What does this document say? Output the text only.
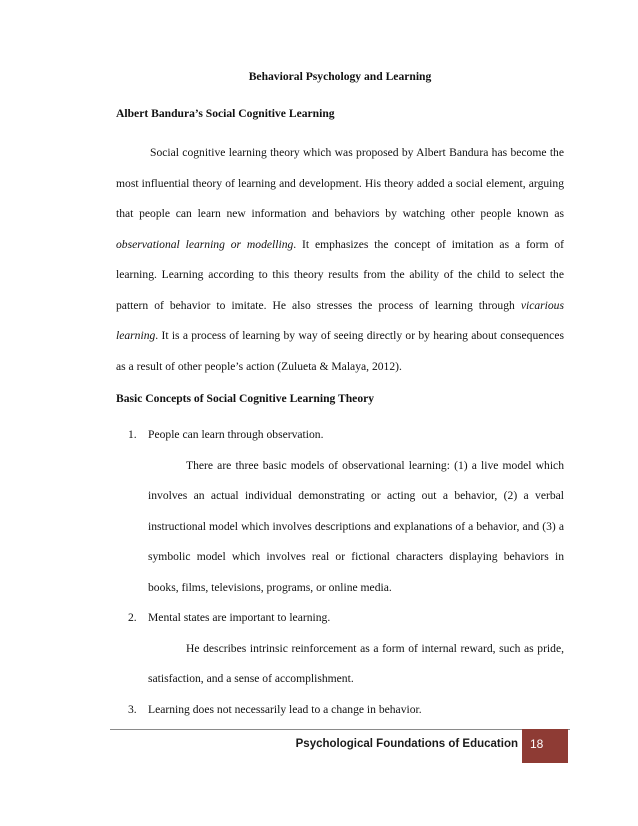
Behavioral Psychology and Learning

Albert Bandura’s Social Cognitive Learning

Social cognitive learning theory which was proposed by Albert Bandura has become the most influential theory of learning and development. His theory added a social element, arguing that people can learn new information and behaviors by watching other people known as observational learning or modelling. It emphasizes the concept of imitation as a form of learning. Learning according to this theory results from the ability of the child to select the pattern of behavior to imitate. He also stresses the process of learning through vicarious learning. It is a process of learning by way of seeing directly or by hearing about consequences as a result of other people’s action (Zulueta & Malaya, 2012).

Basic Concepts of Social Cognitive Learning Theory

1. People can learn through observation.

There are three basic models of observational learning: (1) a live model which involves an actual individual demonstrating or acting out a behavior, (2) a verbal instructional model which involves descriptions and explanations of a behavior, and (3) a symbolic model which involves real or fictional characters displaying behaviors in books, films, televisions, programs, or online media.

2. Mental states are important to learning.

He describes intrinsic reinforcement as a form of internal reward, such as pride, satisfaction, and a sense of accomplishment.

3. Learning does not necessarily lead to a change in behavior.

Psychological Foundations of Education	18
